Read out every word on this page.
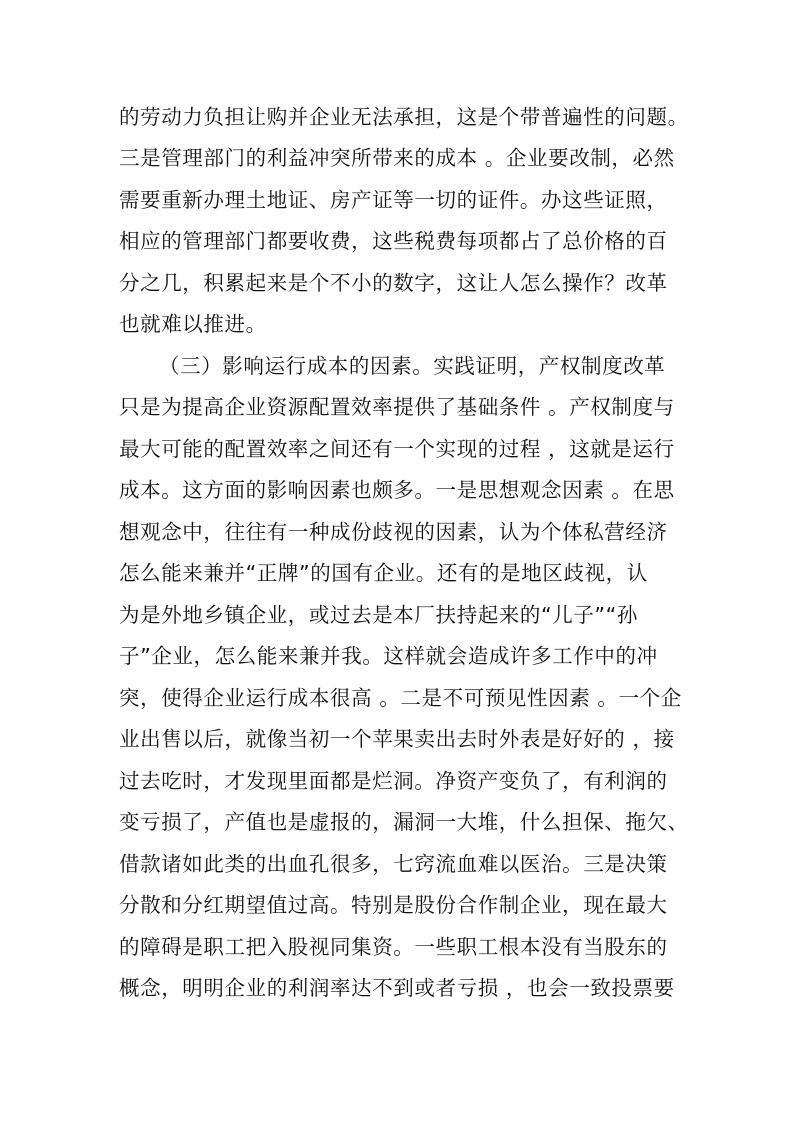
的劳动力负担让购并企业无法承担，这是个带普遍性的问题。
三是管理部门的利益冲突所带来的成本 。企业要改制，必然
需要重新办理土地证、房产证等一切的证件。办这些证照，
相应的管理部门都要收费，这些税费每项都占了总价格的百
分之几，积累起来是个不小的数字，这让人怎么操作？改革
也就难以推进。
（三）影响运行成本的因素。实践证明，产权制度改革
只是为提高企业资源配置效率提供了基础条件 。产权制度与
最大可能的配置效率之间还有一个实现的过程 ，这就是运行
成本。这方面的影响因素也颇多。一是思想观念因素 。在思
想观念中，往往有一种成份歧视的因素，认为个体私营经济
怎么能来兼并“正牌”的国有企业。还有的是地区歧视，认
为是外地乡镇企业，或过去是本厂扶持起来的“儿子”“孙
子”企业，怎么能来兼并我。这样就会造成许多工作中的冲
突，使得企业运行成本很高 。二是不可预见性因素 。一个企
业出售以后，就像当初一个苹果卖出去时外表是好好的 ，接
过去吃时，才发现里面都是烂洞。净资产变负了，有利润的
变亏损了，产值也是虚报的，漏洞一大堆，什么担保、拖欠、
借款诸如此类的出血孔很多，七窍流血难以医治。三是决策
分散和分红期望值过高。特别是股份合作制企业，现在最大
的障碍是职工把入股视同集资。一些职工根本没有当股东的
概念，明明企业的利润率达不到或者亏损 ，也会一致投票要
